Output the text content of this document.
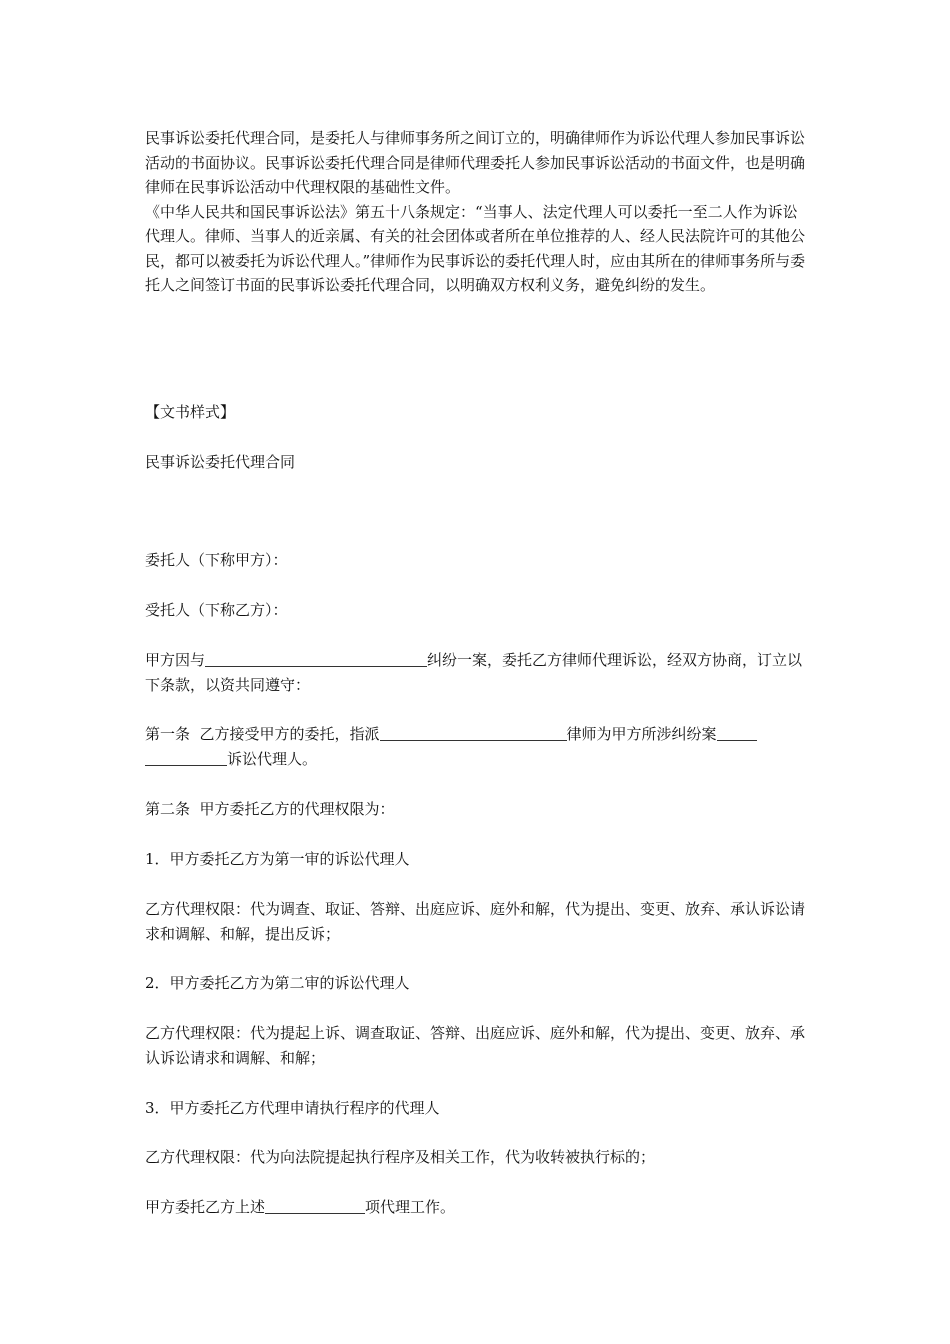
民事诉讼委托代理合同，是委托人与律师事务所之间订立的，明确律师作为诉讼代理人参加民事诉讼活动的书面协议。民事诉讼委托代理合同是律师代理委托人参加民事诉讼活动的书面文件，也是明确律师在民事诉讼活动中代理权限的基础性文件。
《中华人民共和国民事诉讼法》第五十八条规定：“当事人、法定代理人可以委托一至二人作为诉讼代理人。律师、当事人的近亲属、有关的社会团体或者所在单位推荐的人、经人民法院许可的其他公民，都可以被委托为诉讼代理人。”律师作为民事诉讼的委托代理人时，应由其所在的律师事务所与委托人之间签订书面的民事诉讼委托代理合同，以明确双方权利义务，避免纠纷的发生。

【文书样式】

民事诉讼委托代理合同

委托人（下称甲方）：

受托人（下称乙方）：

甲方因与	纠纷一案，委托乙方律师代理诉讼，经双方协商，订立以下条款，以资共同遵守：

第一条  乙方接受甲方的委托，指派	律师为甲方所涉纠纷案诉讼代理人。

第二条  甲方委托乙方的代理权限为：

1．甲方委托乙方为第一审的诉讼代理人

乙方代理权限：代为调查、取证、答辩、出庭应诉、庭外和解，代为提出、变更、放弃、承认诉讼请求和调解、和解，提出反诉；

2．甲方委托乙方为第二审的诉讼代理人

乙方代理权限：代为提起上诉、调查取证、答辩、出庭应诉、庭外和解，代为提出、变更、放弃、承认诉讼请求和调解、和解；

3．甲方委托乙方代理申请执行程序的代理人

乙方代理权限：代为向法院提起执行程序及相关工作，代为收转被执行标的；

甲方委托乙方上述	项代理工作。
